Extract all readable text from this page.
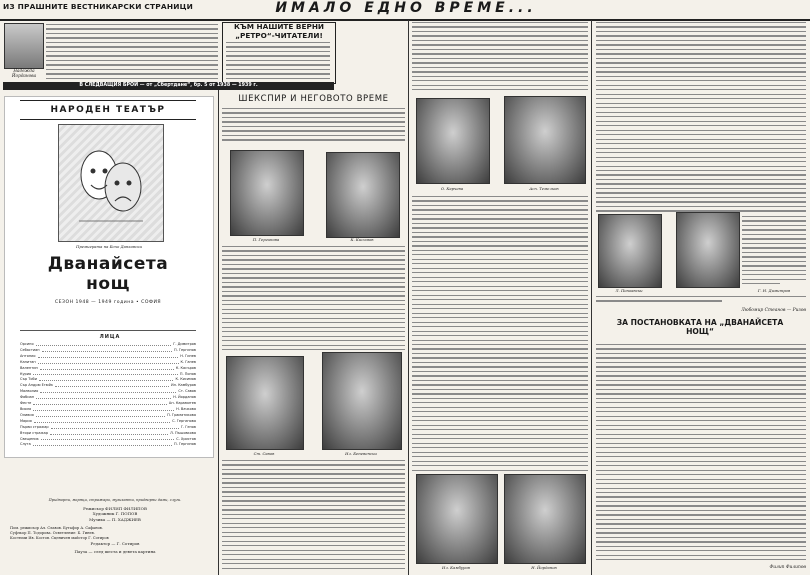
ИЗ ПРАШНИТЕ ВЕСТНИКАРСКИ СТРАНИЦИ	ИМАЛО ЕДНО ВРЕМЕ...
Надежда Йорданова
КЪМ НАШИТЕ ВЕРНИ „РЕТРО“-ЧИТАТЕЛИ!
В СЛЕДВАЩИЯ БРОЙ — от „Сбертдане“, бр. 5 от 1938 — 1939 г.
НАРОДЕН ТЕАТЪР
Премиерата на Бочо Данковски
Дванайсета
нощ
СЕЗОН 1948 — 1949 година • СОФИЯ
ЛИЦА
Орсино	Г. Димитров
Себастиан	П. Гергинов
Антонио	Н. Гинев
Капитан	К. Ганев
Валентин	К. Касъров
Курио	П. Попов
Сър Тоби	К. Кисимов
Сър Андрю Егюйк	Ил. Камбуров
Малволио	Ст. Савов
Фабиан	Н. Йорданов
Фесте	Ап. Карамитев
Виола	Н. Вачкова
Оливия	П. Граматикова
Мария	С. Гергинова
Първи стражар	Г. Генов
Втори стражар	Л. Пъшовкова
Свещеник	С. Христов
Слуга	П. Гергинов
Придворни, моряци, стражари, музиканти, придворни дами, слуги.
Режисьор ФИЛИП ФИЛИПОВ
Художник Г. ПОПОВ
Музика — П. ХАДЖИЕВ
Пом. режисьор Ал. Славов. Бутафор А. Сафанов.
Суфльор П. Тодорова. Осветление: Б. Гинев.
Костюми Ив. Костов. Сценичен майстор Г. Сотиров
Редактор — Г. Сотиров
Пауза — след шеста и девета картина
ШЕКСПИР И НЕГОВОТО ВРЕМЕ
П. Гергинова	К. Кисимов
Ст. Савов	Ил. Беневенски
О. Карчева	Асп. Темелков
Ил. Камбуров	Н. Йорданов
Л. Попоавски	Г. Н. Димитров
Любомир Стеанов — Ризов
ЗА ПОСТАНОВКАТА НА „ДВАНАЙСЕТА
НОЩ“
Филип Филипов
